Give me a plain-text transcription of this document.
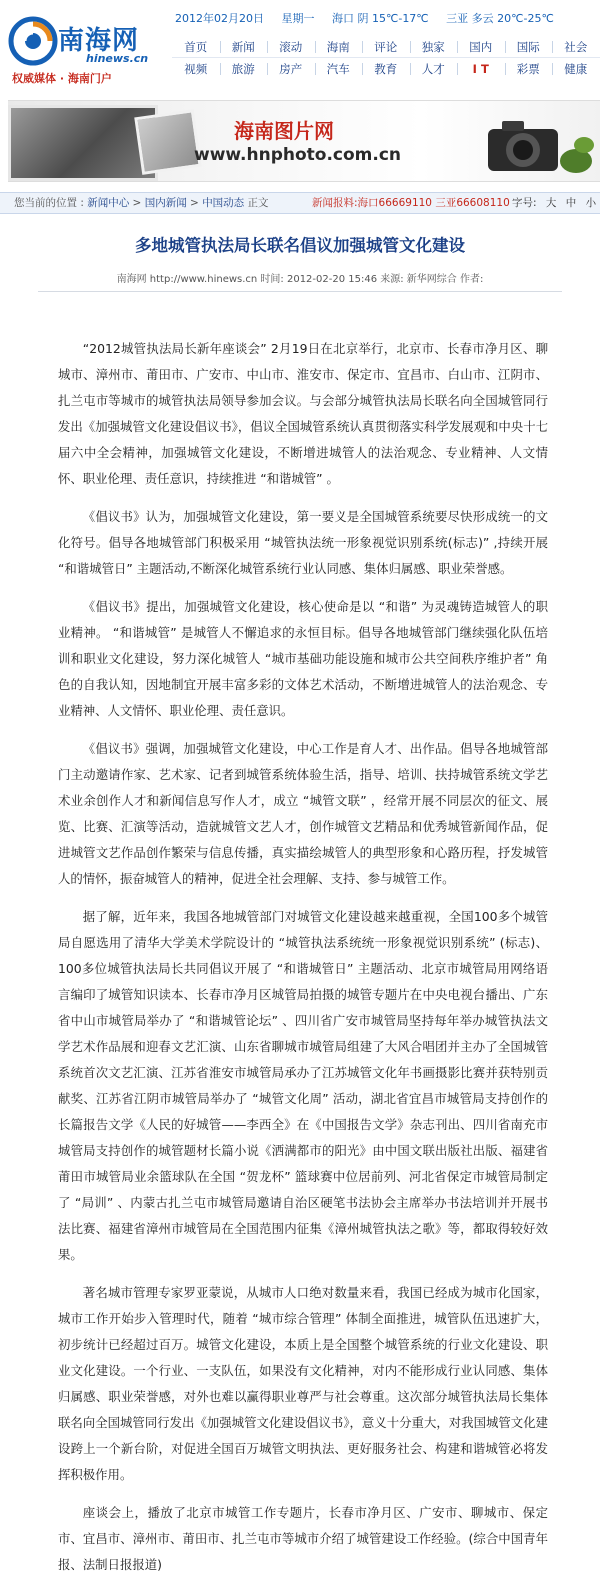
南海网
hinews.cn
权威媒体 · 海南门户
2012年02月20日 星期一 海口 阴 15℃-17℃ 三亚 多云 20℃-25℃
首页	新闻	滚动	海南	评论	独家	国内	国际	社会
视频	旅游	房产	汽车	教育	人才	I T	彩票	健康
海南图片网
www.hnphoto.com.cn
您当前的位置 : 新闻中心 > 国内新闻 > 中国动态 正文	新闻报料:海口66669110 三亚66608110 字号: 大 中 小
多地城管执法局长联名倡议加强城管文化建设
南海网 http://www.hinews.cn 时间: 2012-02-20 15:46 来源: 新华网综合 作者:

“2012城管执法局长新年座谈会” 2月19日在北京举行，北京市、长春市净月区、聊城市、漳州市、莆田市、广安市、中山市、淮安市、保定市、宜昌市、白山市、江阴市、扎兰屯市等城市的城管执法局领导参加会议。与会部分城管执法局长联名向全国城管同行发出《加强城管文化建设倡议书》，倡议全国城管系统认真贯彻落实科学发展观和中央十七届六中全会精神，加强城管文化建设，不断增进城管人的法治观念、专业精神、人文情怀、职业伦理、责任意识，持续推进 “和谐城管” 。

《倡议书》认为，加强城管文化建设，第一要义是全国城管系统要尽快形成统一的文化符号。倡导各地城管部门积极采用 “城管执法统一形象视觉识别系统(标志)” ,持续开展 “和谐城管日” 主题活动,不断深化城管系统行业认同感、集体归属感、职业荣誉感。

《倡议书》提出，加强城管文化建设，核心使命是以 “和谐” 为灵魂铸造城管人的职业精神。 “和谐城管” 是城管人不懈追求的永恒目标。倡导各地城管部门继续强化队伍培训和职业文化建设，努力深化城管人 “城市基础功能设施和城市公共空间秩序维护者” 角色的自我认知，因地制宜开展丰富多彩的文体艺术活动，不断增进城管人的法治观念、专业精神、人文情怀、职业伦理、责任意识。

《倡议书》强调，加强城管文化建设，中心工作是育人才、出作品。倡导各地城管部门主动邀请作家、艺术家、记者到城管系统体验生活，指导、培训、扶持城管系统文学艺术业余创作人才和新闻信息写作人才，成立 “城管文联” ，经常开展不同层次的征文、展览、比赛、汇演等活动，造就城管文艺人才，创作城管文艺精品和优秀城管新闻作品，促进城管文艺作品创作繁荣与信息传播，真实描绘城管人的典型形象和心路历程，抒发城管人的情怀，振奋城管人的精神，促进全社会理解、支持、参与城管工作。

据了解，近年来，我国各地城管部门对城管文化建设越来越重视，全国100多个城管局自愿选用了清华大学美术学院设计的 “城管执法系统统一形象视觉识别系统” (标志)、100多位城管执法局长共同倡议开展了 “和谐城管日” 主题活动、北京市城管局用网络语言编印了城管知识读本、长春市净月区城管局拍摄的城管专题片在中央电视台播出、广东省中山市城管局举办了 “和谐城管论坛” 、四川省广安市城管局坚持每年举办城管执法文学艺术作品展和迎春文艺汇演、山东省聊城市城管局组建了大风合唱团并主办了全国城管系统首次文艺汇演、江苏省淮安市城管局承办了江苏城管文化年书画摄影比赛并获特别贡献奖、江苏省江阴市城管局举办了 “城管文化周” 活动，湖北省宜昌市城管局支持创作的长篇报告文学《人民的好城管——李西全》在《中国报告文学》杂志刊出、四川省南充市城管局支持创作的城管题材长篇小说《洒满都市的阳光》由中国文联出版社出版、福建省莆田市城管局业余篮球队在全国 “贺龙杯” 篮球赛中位居前列、河北省保定市城管局制定了 “局训” 、内蒙古扎兰屯市城管局邀请自治区硬笔书法协会主席举办书法培训并开展书法比赛、福建省漳州市城管局在全国范围内征集《漳州城管执法之歌》等，都取得较好效果。

著名城市管理专家罗亚蒙说，从城市人口绝对数量来看，我国已经成为城市化国家，城市工作开始步入管理时代，随着 “城市综合管理” 体制全面推进，城管队伍迅速扩大，初步统计已经超过百万。城管文化建设，本质上是全国整个城管系统的行业文化建设、职业文化建设。一个行业、一支队伍，如果没有文化精神，对内不能形成行业认同感、集体归属感、职业荣誉感，对外也难以赢得职业尊严与社会尊重。这次部分城管执法局长集体联名向全国城管同行发出《加强城管文化建设倡议书》，意义十分重大，对我国城管文化建设跨上一个新台阶，对促进全国百万城管文明执法、更好服务社会、构建和谐城管必将发挥积极作用。

座谈会上，播放了北京市城管工作专题片，长春市净月区、广安市、聊城市、保定市、宜昌市、漳州市、莆田市、扎兰屯市等城市介绍了城管建设工作经验。(综合中国青年报、法制日报报道)
